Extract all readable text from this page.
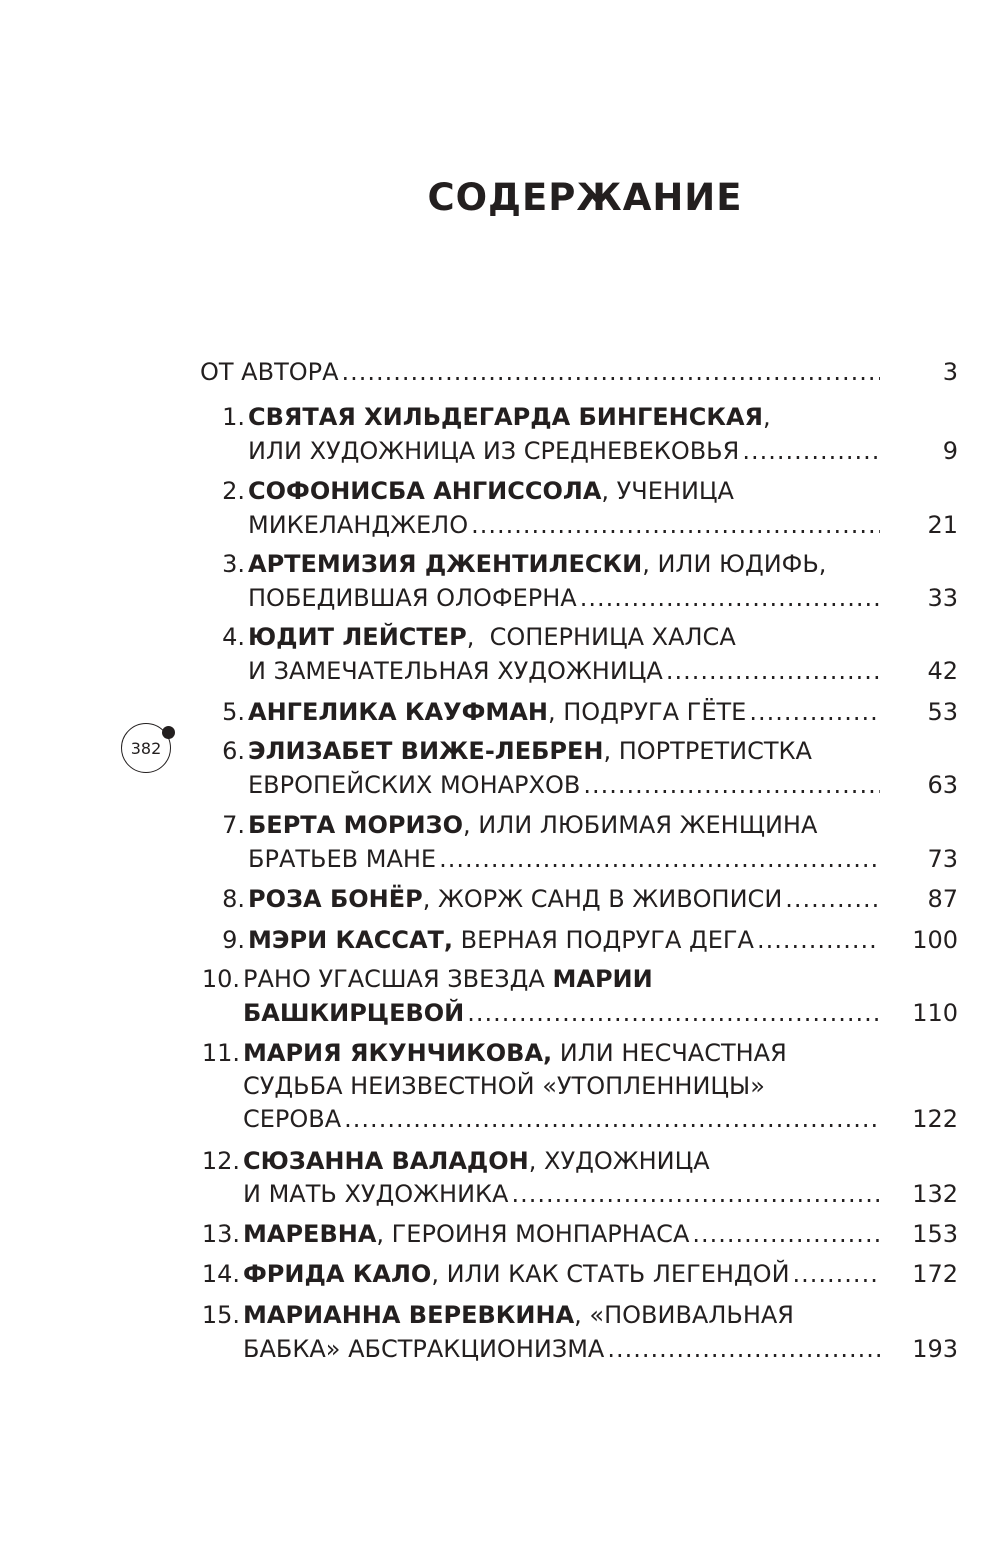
СОДЕРЖАНИЕ
ОТ АВТОРА .....	3
1. СВЯТАЯ ХИЛЬДЕГАРДА БИНГЕНСКАЯ,
ИЛИ ХУДОЖНИЦА ИЗ СРЕДНЕВЕКОВЬЯ .....	9
2. СОФОНИСБА АНГИССОЛА, УЧЕНИЦА
МИКЕЛАНДЖЕЛО .....	21
3. АРТЕМИЗИЯ ДЖЕНТИЛЕСКИ, ИЛИ ЮДИФЬ,
ПОБЕДИВШАЯ ОЛОФЕРНА .....	33
4. ЮДИТ ЛЕЙСТЕР,  СОПЕРНИЦА ХАЛСА
И ЗАМЕЧАТЕЛЬНАЯ ХУДОЖНИЦА .....	42
5. АНГЕЛИКА КАУФМАН, ПОДРУГА ГЁТЕ .....	53
6. ЭЛИЗАБЕТ ВИЖЕ-ЛЕБРЕН, ПОРТРЕТИСТКА
ЕВРОПЕЙСКИХ МОНАРХОВ .....	63
7. БЕРТА МОРИЗО, ИЛИ ЛЮБИМАЯ ЖЕНЩИНА
БРАТЬЕВ МАНЕ .....	73
8. РОЗА БОНЁР, ЖОРЖ САНД В ЖИВОПИСИ .....	87
9. МЭРИ КАССАТ, ВЕРНАЯ ПОДРУГА ДЕГА .....	100
10. РАНО УГАСШАЯ ЗВЕЗДА МАРИИ
БАШКИРЦЕВОЙ .....	110
11. МАРИЯ ЯКУНЧИКОВА, ИЛИ НЕСЧАСТНАЯ
СУДЬБА НЕИЗВЕСТНОЙ «УТОПЛЕННИЦЫ»
СЕРОВА .....	122
12. СЮЗАННА ВАЛАДОН, ХУДОЖНИЦА
И МАТЬ ХУДОЖНИКА .....	132
13. МАРЕВНА, ГЕРОИНЯ МОНПАРНАСА .....	153
14. ФРИДА КАЛО, ИЛИ КАК СТАТЬ ЛЕГЕНДОЙ .....	172
15. МАРИАННА ВЕРЕВКИНА, «ПОВИВАЛЬНАЯ
БАБКА» АБСТРАКЦИОНИЗМА .....	193
382
